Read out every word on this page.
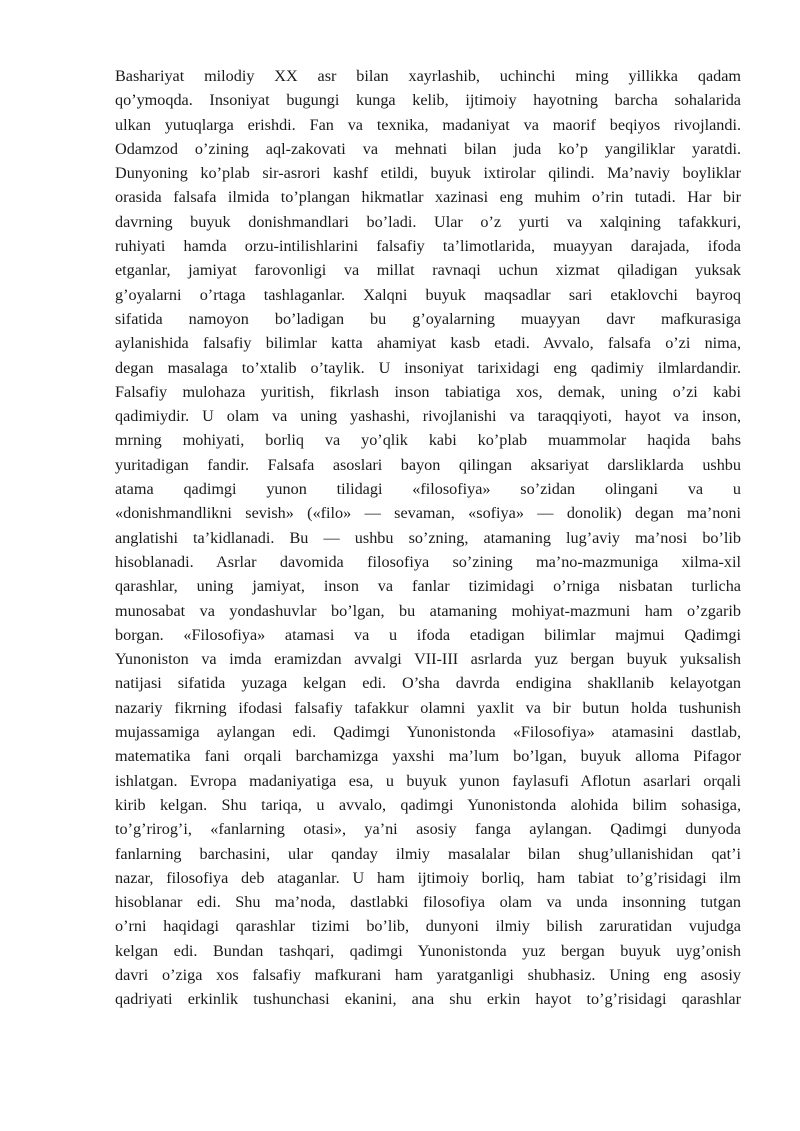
Bashariyat milodiy XX asr bilan xayrlashib, uchinchi ming yillikka qadam
qo’ymoqda. Insoniyat bugungi kunga kelib, ijtimoiy hayotning barcha sohalarida
ulkan yutuqlarga erishdi. Fan va texnika, madaniyat va maorif beqiyos rivojlandi.
Odamzod o’zining aql-zakovati va mehnati bilan juda ko’p yangiliklar yaratdi.
Dunyoning ko’plab sir-asrori kashf etildi, buyuk ixtirolar qilindi. Ma’naviy boyliklar
orasida falsafa ilmida to’plangan hikmatlar xazinasi eng muhim o’rin tutadi. Har bir
davrning buyuk donishmandlari bo’ladi. Ular o’z yurti va xalqining tafakkuri,
ruhiyati hamda orzu-intilishlarini falsafiy ta’limotlarida, muayyan darajada, ifoda
etganlar, jamiyat farovonligi va millat ravnaqi uchun xizmat qiladigan yuksak
g’oyalarni o’rtaga tashlaganlar. Xalqni buyuk maqsadlar sari etaklovchi bayroq
sifatida namoyon bo’ladigan bu g’oyalarning muayyan davr mafkurasiga
aylanishida falsafiy bilimlar katta ahamiyat kasb etadi. Avvalo, falsafa o’zi nima,
degan masalaga to’xtalib o’taylik. U insoniyat tarixidagi eng qadimiy ilmlardandir.
Falsafiy mulohaza yuritish, fikrlash inson tabiatiga xos, demak, uning o’zi kabi
qadimiydir. U olam va uning yashashi, rivojlanishi va taraqqiyoti, hayot va inson,
mrning mohiyati, borliq va yo’qlik kabi ko’plab muammolar haqida bahs
yuritadigan fandir. Falsafa asoslari bayon qilingan aksariyat darsliklarda ushbu
atama qadimgi yunon tilidagi «filosofiya» so’zidan olingani va u
«donishmandlikni sevish» («filo» — sevaman, «sofiya» — donolik) degan ma’noni
anglatishi ta’kidlanadi. Bu — ushbu so’zning, atamaning lug’aviy ma’nosi bo’lib
hisoblanadi. Asrlar davomida filosofiya so’zining ma’no-mazmuniga xilma-xil
qarashlar, uning jamiyat, inson va fanlar tizimidagi o’rniga nisbatan turlicha
munosabat va yondashuvlar bo’lgan, bu atamaning mohiyat-mazmuni ham o’zgarib
borgan. «Filosofiya» atamasi va u ifoda etadigan bilimlar majmui Qadimgi
Yunoniston va imda eramizdan avvalgi VII-III asrlarda yuz bergan buyuk yuksalish
natijasi sifatida yuzaga kelgan edi. O’sha davrda endigina shakllanib kelayotgan
nazariy fikrning ifodasi falsafiy tafakkur olamni yaxlit va bir butun holda tushunish
mujassamiga aylangan edi. Qadimgi Yunonistonda «Filosofiya» atamasini dastlab,
matematika fani orqali barchamizga yaxshi ma’lum bo’lgan, buyuk alloma Pifagor
ishlatgan. Evropa madaniyatiga esa, u buyuk yunon faylasufi Aflotun asarlari orqali
kirib kelgan. Shu tariqa, u avvalo, qadimgi Yunonistonda alohida bilim sohasiga,
to’g’rirog’i, «fanlarning otasi», ya’ni asosiy fanga aylangan. Qadimgi dunyoda
fanlarning barchasini, ular qanday ilmiy masalalar bilan shug’ullanishidan qat’i
nazar, filosofiya deb ataganlar. U ham ijtimoiy borliq, ham tabiat to’g’risidagi ilm
hisoblanar edi. Shu ma’noda, dastlabki filosofiya olam va unda insonning tutgan
o’rni haqidagi qarashlar tizimi bo’lib, dunyoni ilmiy bilish zaruratidan vujudga
kelgan edi. Bundan tashqari, qadimgi Yunonistonda yuz bergan buyuk uyg’onish
davri o’ziga xos falsafiy mafkurani ham yaratganligi shubhasiz. Uning eng asosiy
qadriyati erkinlik tushunchasi ekanini, ana shu erkin hayot to’g’risidagi qarashlar
